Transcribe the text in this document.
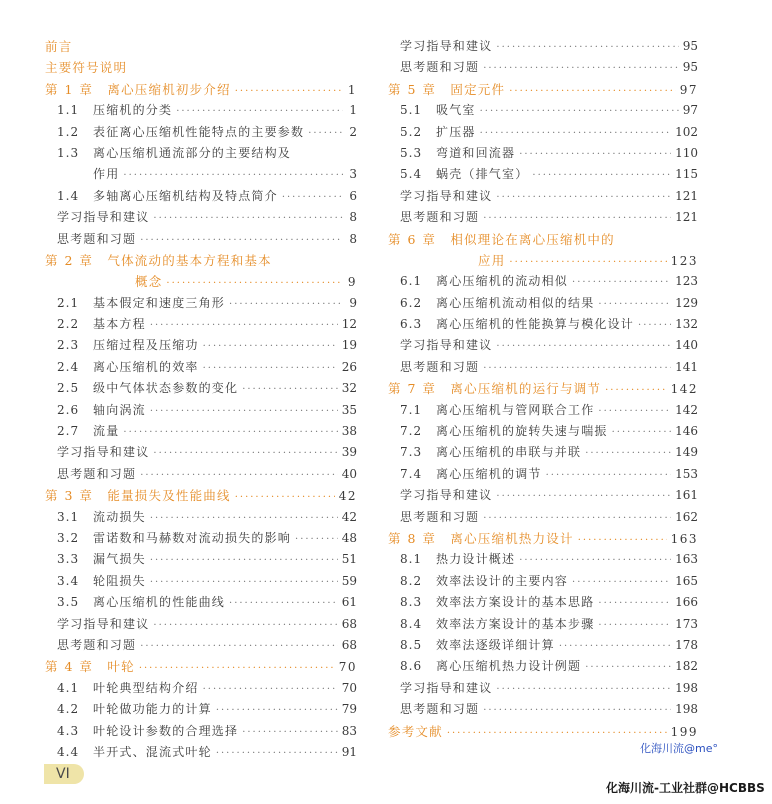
前言
主要符号说明
第 1 章 离心压缩机初步介绍 ·····	1
1.1	压缩机的分类 ·····	1
1.2	表征离心压缩机性能特点的主要参数 ·····	2
1.3	离心压缩机通流部分的主要结构及
作用 ·····	3
1.4	多轴离心压缩机结构及特点简介 ·····	6
学习指导和建议 ·····	8
思考题和习题 ·····	8
第 2 章 气体流动的基本方程和基本
概念 ·····	9
2.1	基本假定和速度三角形 ·····	9
2.2	基本方程 ·····	12
2.3	压缩过程及压缩功 ·····	19
2.4	离心压缩机的效率 ·····	26
2.5	级中气体状态参数的变化 ·····	32
2.6	轴向涡流 ·····	35
2.7	流量 ·····	38
学习指导和建议 ·····	39
思考题和习题 ·····	40
第 3 章 能量损失及性能曲线 ·····	42
3.1	流动损失 ·····	42
3.2	雷诺数和马赫数对流动损失的影响 ·····	48
3.3	漏气损失 ·····	51
3.4	轮阻损失 ·····	59
3.5	离心压缩机的性能曲线 ·····	61
学习指导和建议 ·····	68
思考题和习题 ·····	68
第 4 章 叶轮 ·····	70
4.1	叶轮典型结构介绍 ·····	70
4.2	叶轮做功能力的计算 ·····	79
4.3	叶轮设计参数的合理选择 ·····	83
4.4	半开式、混流式叶轮 ·····	91
学习指导和建议 ·····	95
思考题和习题 ·····	95
第 5 章 固定元件 ·····	97
5.1	吸气室 ·····	97
5.2	扩压器 ·····	102
5.3	弯道和回流器 ·····	110
5.4	蜗壳（排气室） ·····	115
学习指导和建议 ·····	121
思考题和习题 ·····	121
第 6 章 相似理论在离心压缩机中的
应用 ·····	123
6.1	离心压缩机的流动相似 ·····	123
6.2	离心压缩机流动相似的结果 ·····	129
6.3	离心压缩机的性能换算与模化设计 ·····	132
学习指导和建议 ·····	140
思考题和习题 ·····	141
第 7 章 离心压缩机的运行与调节 ·····	142
7.1	离心压缩机与管网联合工作 ·····	142
7.2	离心压缩机的旋转失速与喘振 ·····	146
7.3	离心压缩机的串联与并联 ·····	149
7.4	离心压缩机的调节 ·····	153
学习指导和建议 ·····	161
思考题和习题 ·····	162
第 8 章 离心压缩机热力设计 ·····	163
8.1	热力设计概述 ·····	163
8.2	效率法设计的主要内容 ·····	165
8.3	效率法方案设计的基本思路 ·····	166
8.4	效率法方案设计的基本步骤 ·····	173
8.5	效率法逐级详细计算 ·····	178
8.6	离心压缩机热力设计例题 ·····	182
学习指导和建议 ·····	198
思考题和习题 ·····	198
参考文献 ·····	199
VI
化海川流@me°
化海川流-工业社群@HCBBS
